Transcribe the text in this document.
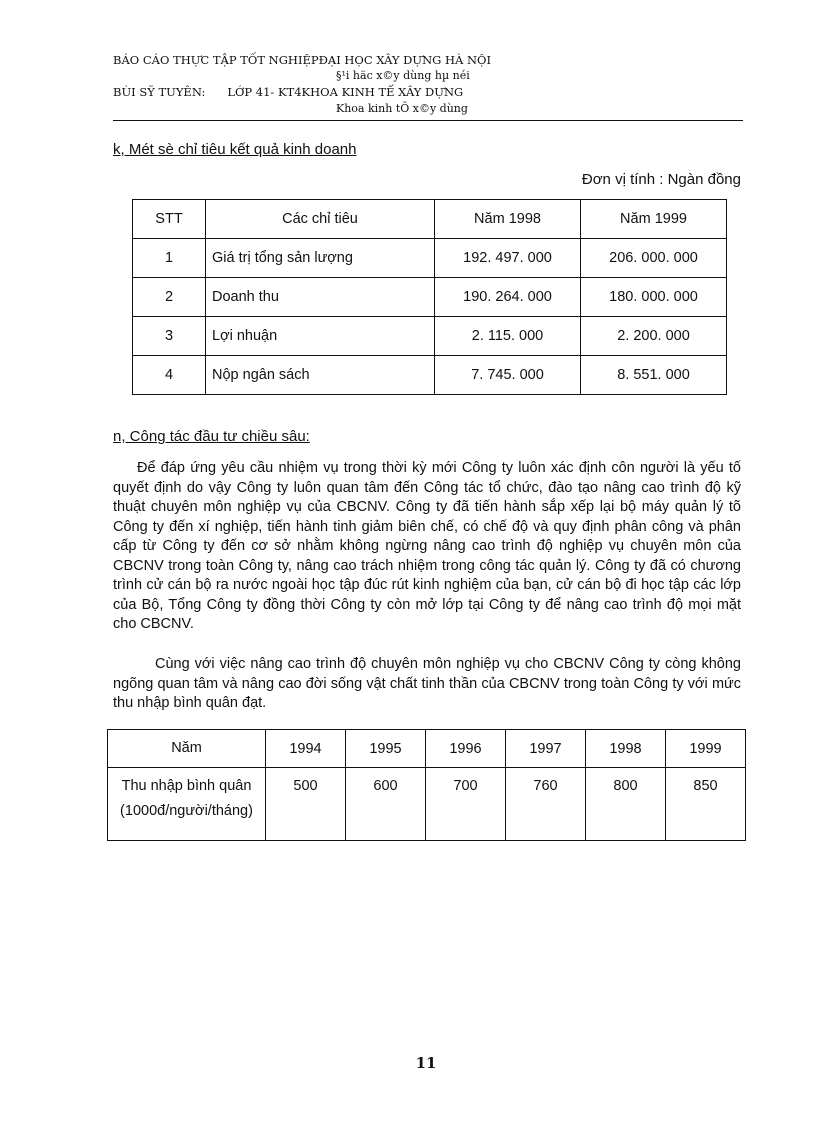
BÁO CÁO THỰC TẬP TỐT NGHIỆPĐẠI HỌC XÂY DỰNG HÀ NỘI
§¹i häc x©y dùng hµ néi
BÙI SỸ TUYÊN: LỚP 41- KT4KHOA KINH TẾ XÂY DỰNG
Khoa kinh tÕ x©y dùng
k, Mét sè chỉ tiêu kết quả kinh doanh
Đơn vị tính : Ngàn đồng
STT	Các chỉ tiêu	Năm 1998	Năm 1999
1	Giá trị tổng sản lượng	192. 497. 000	206. 000. 000
2	Doanh thu	190. 264. 000	180. 000. 000
3	Lợi nhuận	2. 115. 000	2. 200. 000
4	Nộp ngân sách	7. 745. 000	8. 551. 000
n, Công tác đầu tư chiều sâu:
Để đáp ứng yêu cầu nhiệm vụ trong thời kỳ mới Công ty luôn xác định côn người là yếu tố quyết định do vậy Công ty luôn quan tâm đến Công tác tổ chức, đào tạo nâng cao trình độ kỹ thuật chuyên môn nghiệp vụ của CBCNV. Công ty đã tiến hành sắp xếp lại bộ máy quản lý tõ Công ty đến xí nghiệp, tiến hành tinh giảm biên chế, có chế độ và quy định phân công và phân cấp từ Công ty đến cơ sở nhằm không ngừng nâng cao trình độ nghiệp vụ chuyên môn của CBCNV trong toàn Công ty, nâng cao trách nhiệm trong công tác quản lý. Công ty đã có chương trình cử cán bộ ra nước ngoài học tập đúc rút kinh nghiệm của bạn, cử cán bộ đi học tập các lớp của Bộ, Tổng Công ty đồng thời Công ty còn mở lớp tại Công ty để nâng cao trình độ mọi mặt cho CBCNV.
Cùng với việc nâng cao trình độ chuyên môn nghiệp vụ cho CBCNV Công ty còng không ngõng quan tâm và nâng cao đời sống vật chất tinh thần của CBCNV trong toàn Công ty với mức thu nhập bình quân đạt.
Năm	1994	1995	1996	1997	1998	1999

Thu nhập bình quân
(1000đ/người/tháng)	500	600	700	760	800	850
11
